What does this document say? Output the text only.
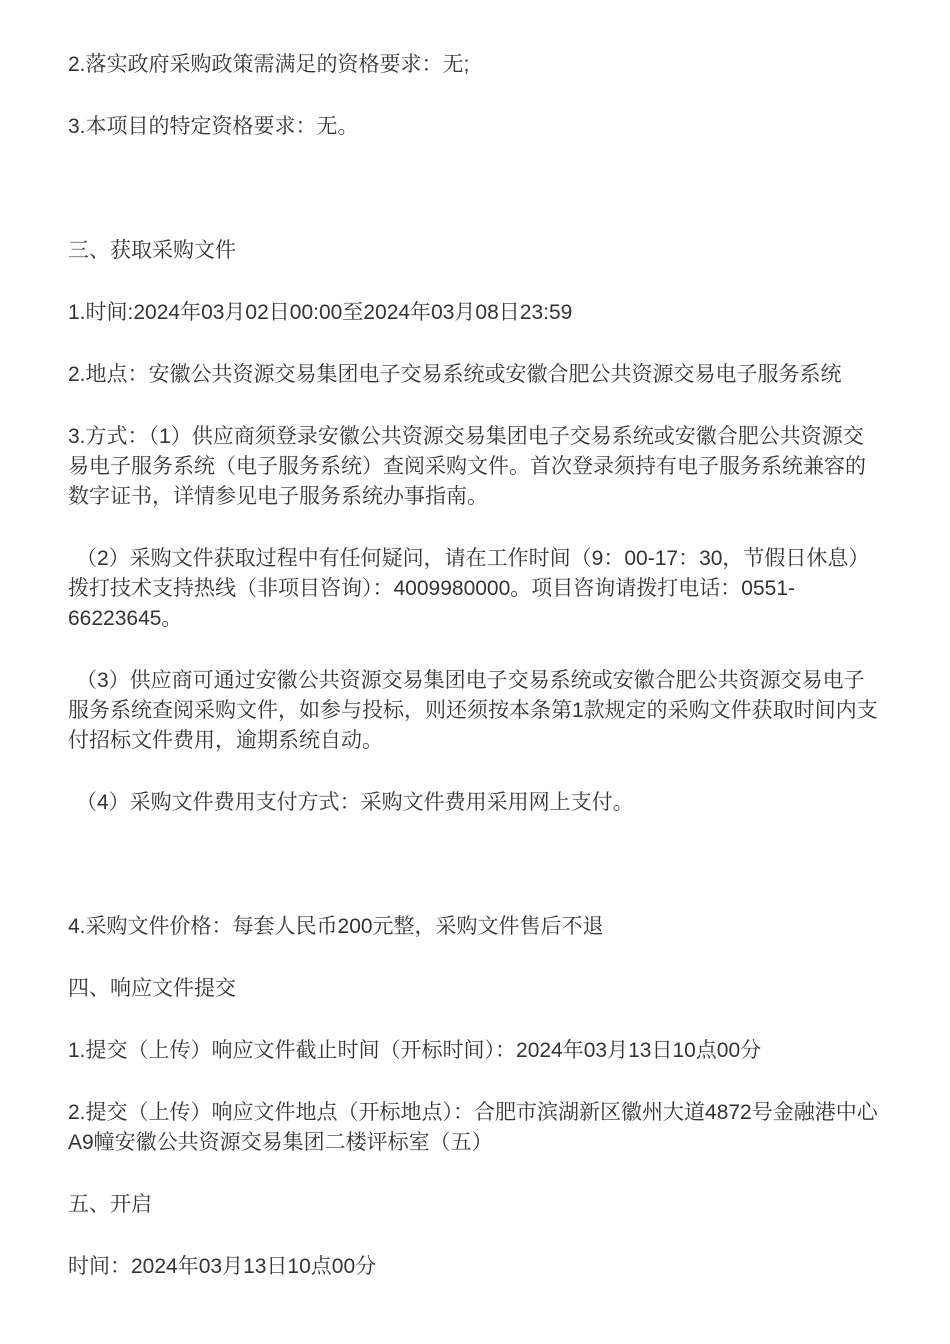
2.落实政府采购政策需满足的资格要求：无;

3.本项目的特定资格要求：无。

三、获取采购文件

1.时间:2024年03月02日00:00至2024年03月08日23:59

2.地点：安徽公共资源交易集团电子交易系统或安徽合肥公共资源交易电子服务系统

3.方式：（1）供应商须登录安徽公共资源交易集团电子交易系统或安徽合肥公共资源交易电子服务系统（电子服务系统）查阅采购文件。首次登录须持有电子服务系统兼容的数字证书，详情参见电子服务系统办事指南。

（2）采购文件获取过程中有任何疑问，请在工作时间（9：00-17：30，节假日休息）拨打技术支持热线（非项目咨询）：4009980000。项目咨询请拨打电话：0551-66223645。

（3）供应商可通过安徽公共资源交易集团电子交易系统或安徽合肥公共资源交易电子服务系统查阅采购文件，如参与投标，则还须按本条第1款规定的采购文件获取时间内支付招标文件费用，逾期系统自动。

（4）采购文件费用支付方式：采购文件费用采用网上支付。

4.采购文件价格：每套人民币200元整，采购文件售后不退

四、响应文件提交

1.提交（上传）响应文件截止时间（开标时间）：2024年03月13日10点00分

2.提交（上传）响应文件地点（开标地点）：合肥市滨湖新区徽州大道4872号金融港中心A9幢安徽公共资源交易集团二楼评标室（五）

五、开启

时间：2024年03月13日10点00分
